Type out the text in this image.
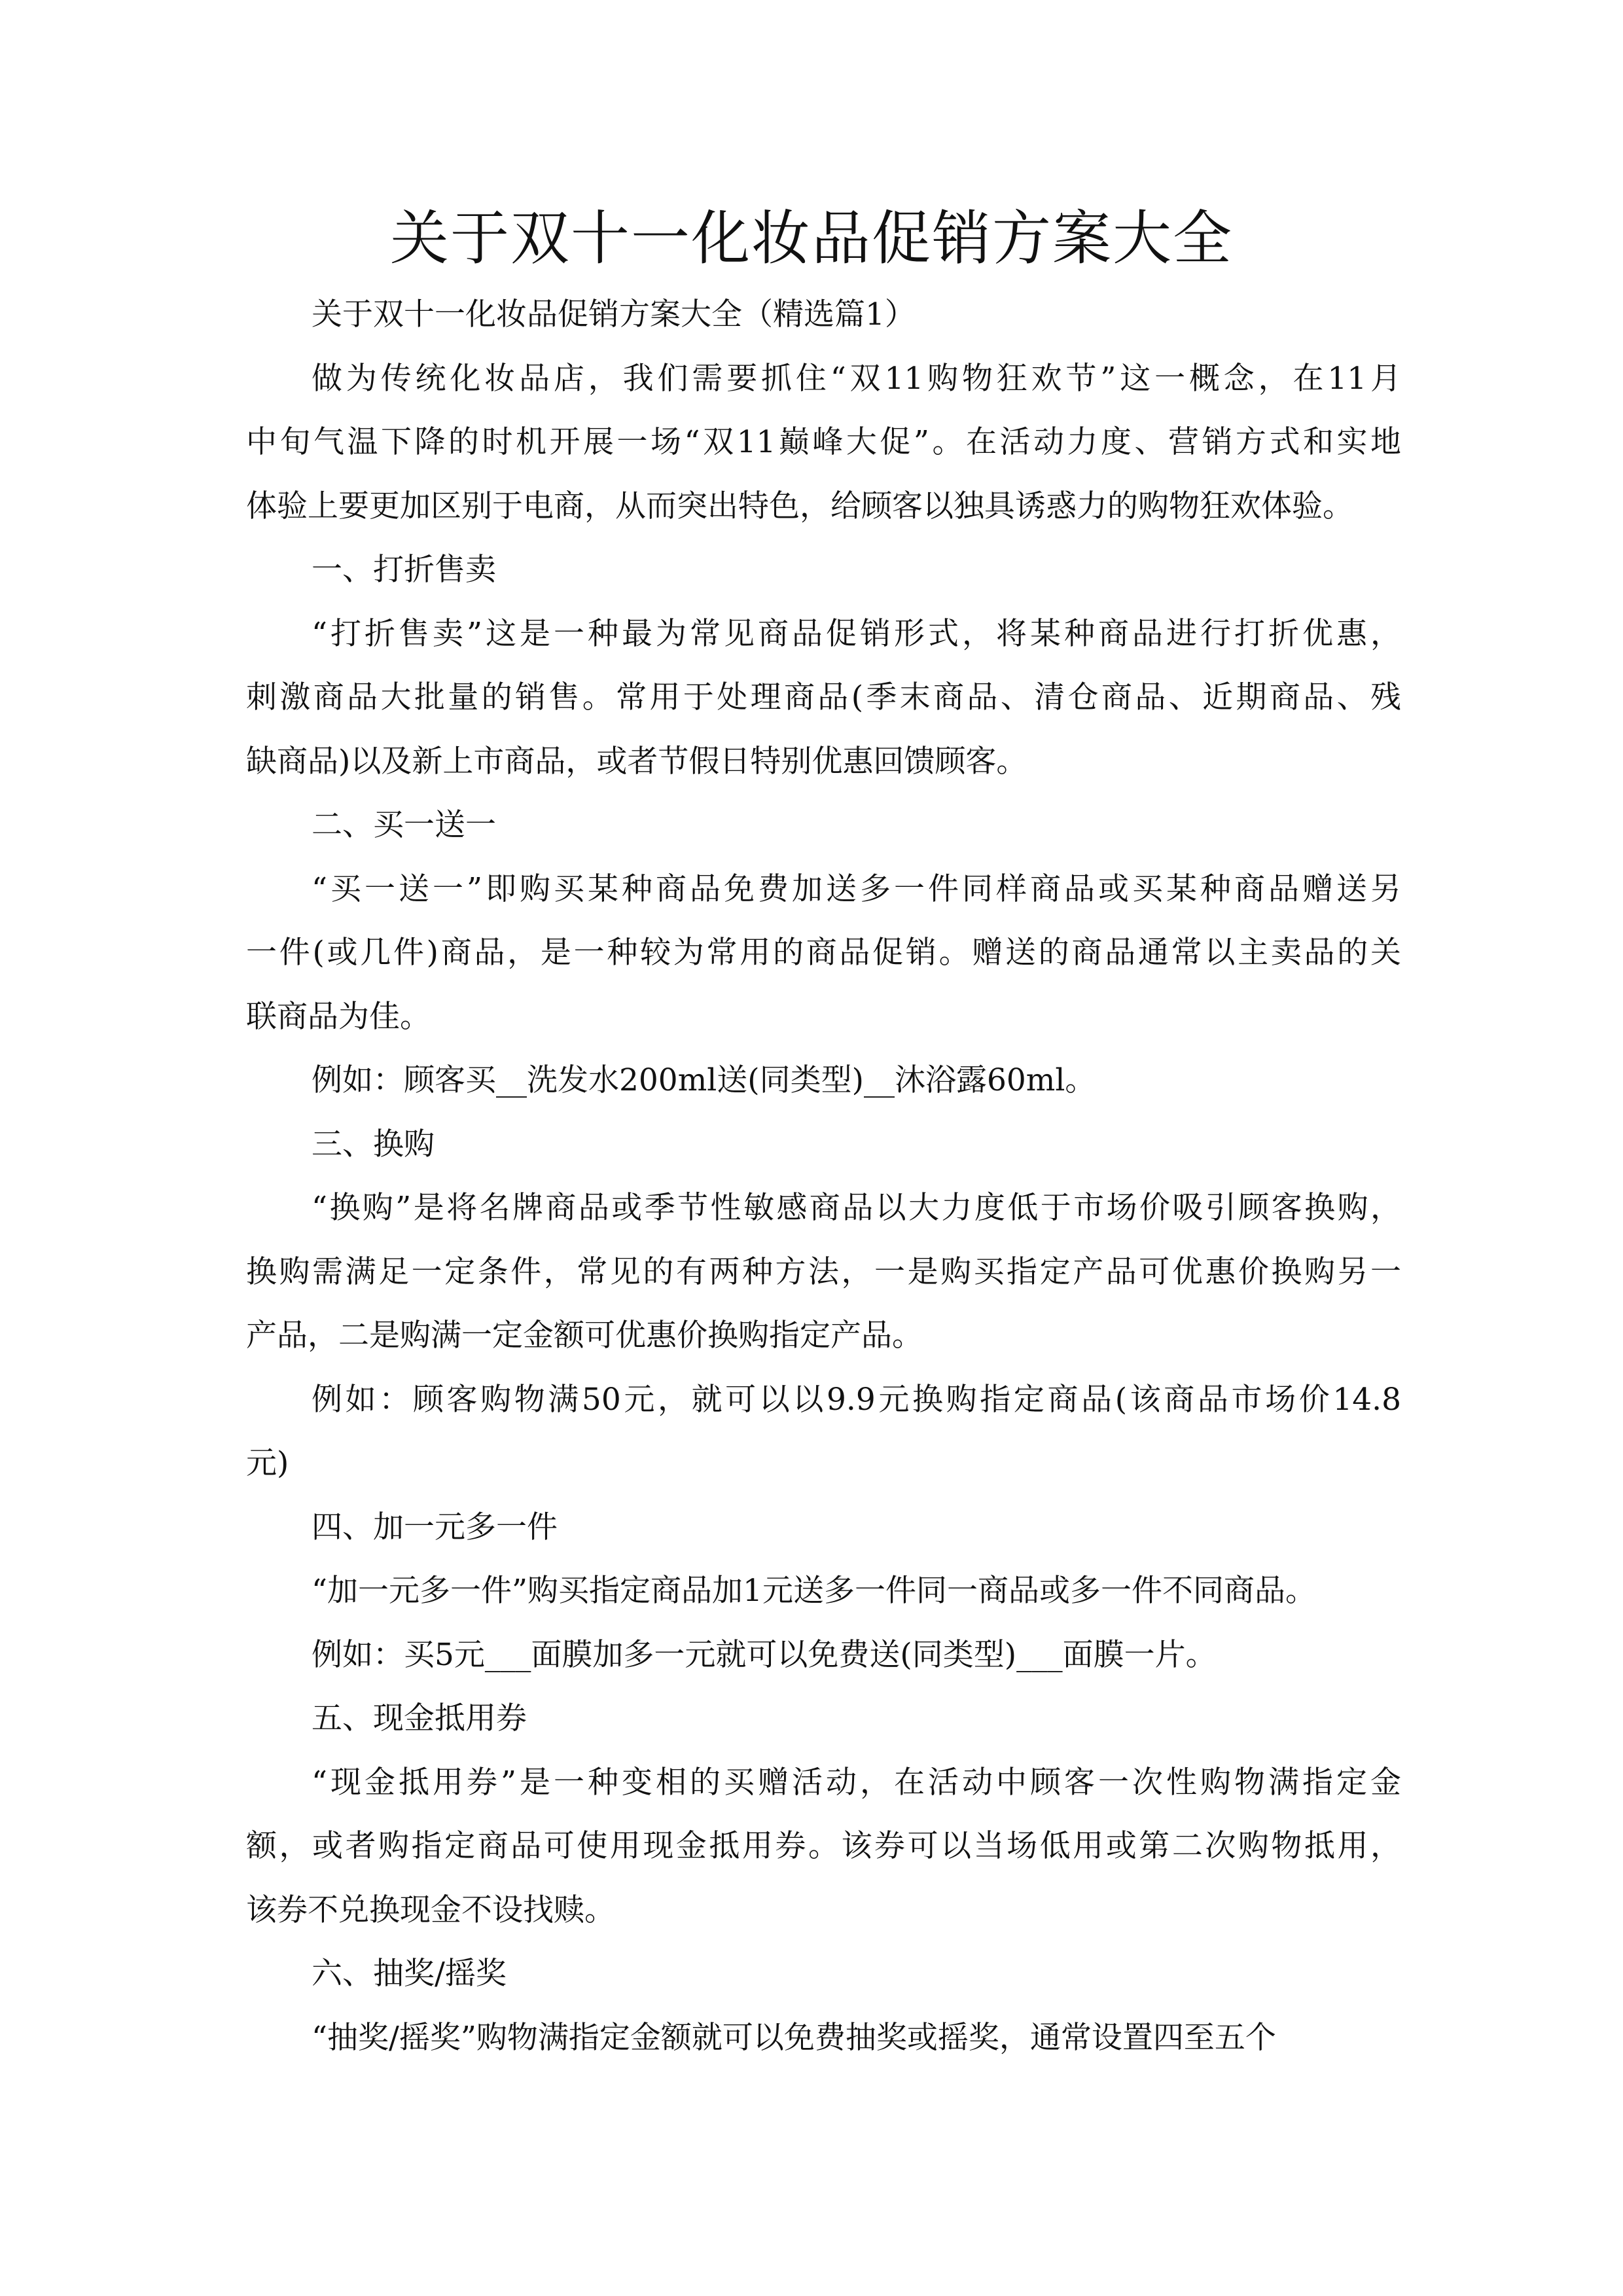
关于双十一化妆品促销方案大全
关于双十一化妆品促销方案大全（精选篇1）
做为传统化妆品店，我们需要抓住“双11购物狂欢节”这一概念，在11月
中旬气温下降的时机开展一场“双11巅峰大促”。在活动力度、营销方式和实地
体验上要更加区别于电商，从而突出特色，给顾客以独具诱惑力的购物狂欢体验。
一、打折售卖
“打折售卖”这是一种最为常见商品促销形式，将某种商品进行打折优惠，
刺激商品大批量的销售。常用于处理商品(季末商品、清仓商品、近期商品、残
缺商品)以及新上市商品，或者节假日特别优惠回馈顾客。
二、买一送一
“买一送一”即购买某种商品免费加送多一件同样商品或买某种商品赠送另
一件(或几件)商品，是一种较为常用的商品促销。赠送的商品通常以主卖品的关
联商品为佳。
例如：顾客买__洗发水200ml送(同类型)__沐浴露60ml。
三、换购
“换购”是将名牌商品或季节性敏感商品以大力度低于市场价吸引顾客换购，
换购需满足一定条件，常见的有两种方法，一是购买指定产品可优惠价换购另一
产品，二是购满一定金额可优惠价换购指定产品。
例如：顾客购物满50元，就可以以9.9元换购指定商品(该商品市场价14.8
元)
四、加一元多一件
“加一元多一件”购买指定商品加1元送多一件同一商品或多一件不同商品。
例如：买5元___面膜加多一元就可以免费送(同类型)___面膜一片。
五、现金抵用券
“现金抵用券”是一种变相的买赠活动，在活动中顾客一次性购物满指定金
额，或者购指定商品可使用现金抵用券。该券可以当场低用或第二次购物抵用，
该券不兑换现金不设找赎。
六、抽奖/摇奖
“抽奖/摇奖”购物满指定金额就可以免费抽奖或摇奖，通常设置四至五个
